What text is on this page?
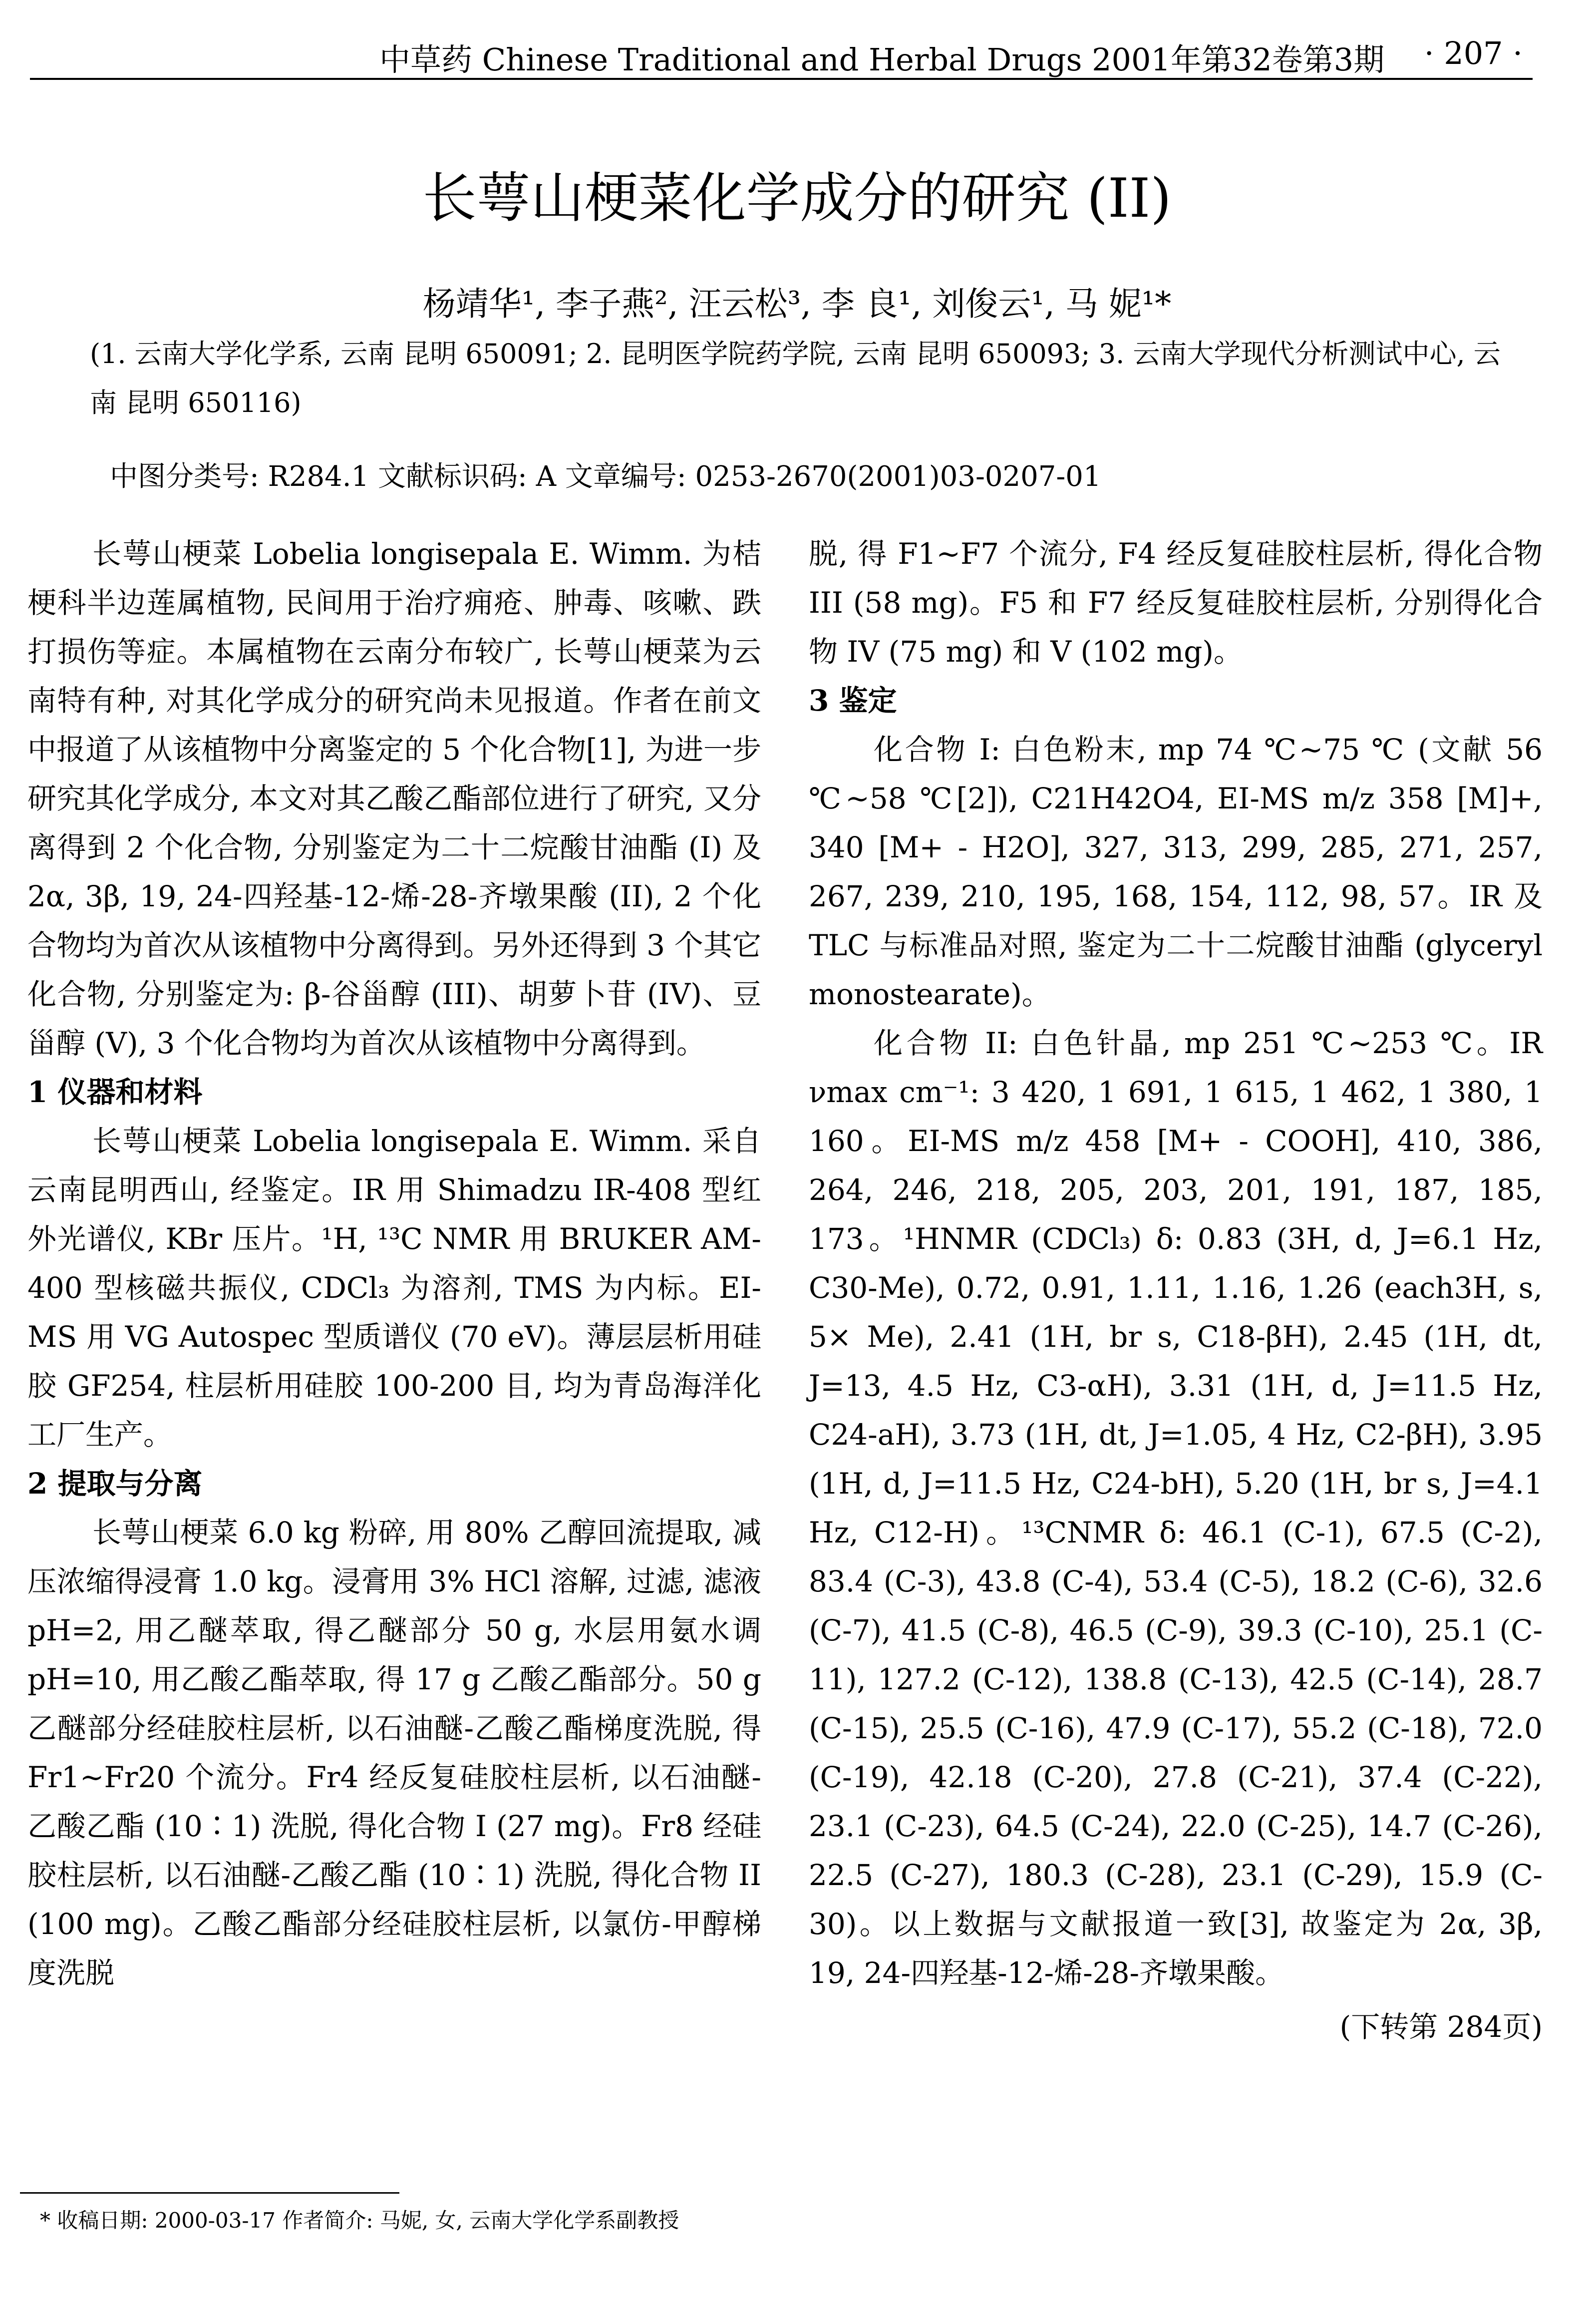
中草药 Chinese Traditional and Herbal Drugs 2001年第32卷第3期 · 207 ·
长萼山梗菜化学成分的研究 (II)
杨靖华¹, 李子燕², 汪云松³, 李 良¹, 刘俊云¹, 马 妮¹*
(1. 云南大学化学系, 云南 昆明 650091; 2. 昆明医学院药学院, 云南 昆明 650093; 3. 云南大学现代分析测试中心, 云南 昆明 650116)
中图分类号: R284.1 文献标识码: A 文章编号: 0253-2670(2001)03-0207-01

长萼山梗菜 Lobelia longisepala E. Wimm. 为桔梗科半边莲属植物, 民间用于治疗痈疮、肿毒、咳嗽、跌打损伤等症。本属植物在云南分布较广, 长萼山梗菜为云南特有种, 对其化学成分的研究尚未见报道。作者在前文中报道了从该植物中分离鉴定的 5 个化合物[1], 为进一步研究其化学成分, 本文对其乙酸乙酯部位进行了研究, 又分离得到 2 个化合物, 分别鉴定为二十二烷酸甘油酯 (I) 及 2α, 3β, 19, 24-四羟基-12-烯-28-齐墩果酸 (II), 2 个化合物均为首次从该植物中分离得到。另外还得到 3 个其它化合物, 分别鉴定为: β-谷甾醇 (III)、胡萝卜苷 (IV)、豆甾醇 (V), 3 个化合物均为首次从该植物中分离得到。

1 仪器和材料

长萼山梗菜 Lobelia longisepala E. Wimm. 采自云南昆明西山, 经鉴定。IR 用 Shimadzu IR-408 型红外光谱仪, KBr 压片。¹H, ¹³C NMR 用 BRUKER AM-400 型核磁共振仪, CDCl₃ 为溶剂, TMS 为内标。EI-MS 用 VG Autospec 型质谱仪 (70 eV)。薄层层析用硅胶 GF254, 柱层析用硅胶 100-200 目, 均为青岛海洋化工厂生产。

2 提取与分离

长萼山梗菜 6.0 kg 粉碎, 用 80% 乙醇回流提取, 减压浓缩得浸膏 1.0 kg。浸膏用 3% HCl 溶解, 过滤, 滤液 pH=2, 用乙醚萃取, 得乙醚部分 50 g, 水层用氨水调 pH=10, 用乙酸乙酯萃取, 得 17 g 乙酸乙酯部分。50 g 乙醚部分经硅胶柱层析, 以石油醚-乙酸乙酯梯度洗脱, 得 Fr1~Fr20 个流分。Fr4 经反复硅胶柱层析, 以石油醚-乙酸乙酯 (10∶1) 洗脱, 得化合物 I (27 mg)。Fr8 经硅胶柱层析, 以石油醚-乙酸乙酯 (10∶1) 洗脱, 得化合物 II (100 mg)。乙酸乙酯部分经硅胶柱层析, 以氯仿-甲醇梯度洗脱

脱, 得 F1~F7 个流分, F4 经反复硅胶柱层析, 得化合物 III (58 mg)。F5 和 F7 经反复硅胶柱层析, 分别得化合物 IV (75 mg) 和 V (102 mg)。

3 鉴定

化合物 I: 白色粉末, mp 74 ℃~75 ℃ (文献 56 ℃~58 ℃[2]), C21H42O4, EI-MS m/z 358 [M]+, 340 [M+ - H2O], 327, 313, 299, 285, 271, 257, 267, 239, 210, 195, 168, 154, 112, 98, 57。IR 及 TLC 与标准品对照, 鉴定为二十二烷酸甘油酯 (glyceryl monostearate)。

化合物 II: 白色针晶, mp 251 ℃~253 ℃。IR νmax cm⁻¹: 3 420, 1 691, 1 615, 1 462, 1 380, 1 160。EI-MS m/z 458 [M+ - COOH], 410, 386, 264, 246, 218, 205, 203, 201, 191, 187, 185, 173。¹HNMR (CDCl₃) δ: 0.83 (3H, d, J=6.1 Hz, C30-Me), 0.72, 0.91, 1.11, 1.16, 1.26 (each3H, s, 5× Me), 2.41 (1H, br s, C18-βH), 2.45 (1H, dt, J=13, 4.5 Hz, C3-αH), 3.31 (1H, d, J=11.5 Hz, C24-aH), 3.73 (1H, dt, J=1.05, 4 Hz, C2-βH), 3.95 (1H, d, J=11.5 Hz, C24-bH), 5.20 (1H, br s, J=4.1 Hz, C12-H)。¹³CNMR δ: 46.1 (C-1), 67.5 (C-2), 83.4 (C-3), 43.8 (C-4), 53.4 (C-5), 18.2 (C-6), 32.6 (C-7), 41.5 (C-8), 46.5 (C-9), 39.3 (C-10), 25.1 (C-11), 127.2 (C-12), 138.8 (C-13), 42.5 (C-14), 28.7 (C-15), 25.5 (C-16), 47.9 (C-17), 55.2 (C-18), 72.0 (C-19), 42.18 (C-20), 27.8 (C-21), 37.4 (C-22), 23.1 (C-23), 64.5 (C-24), 22.0 (C-25), 14.7 (C-26), 22.5 (C-27), 180.3 (C-28), 23.1 (C-29), 15.9 (C-30)。以上数据与文献报道一致[3], 故鉴定为 2α, 3β, 19, 24-四羟基-12-烯-28-齐墩果酸。

(下转第 284页)

* 收稿日期: 2000-03-17 作者简介: 马妮, 女, 云南大学化学系副教授
